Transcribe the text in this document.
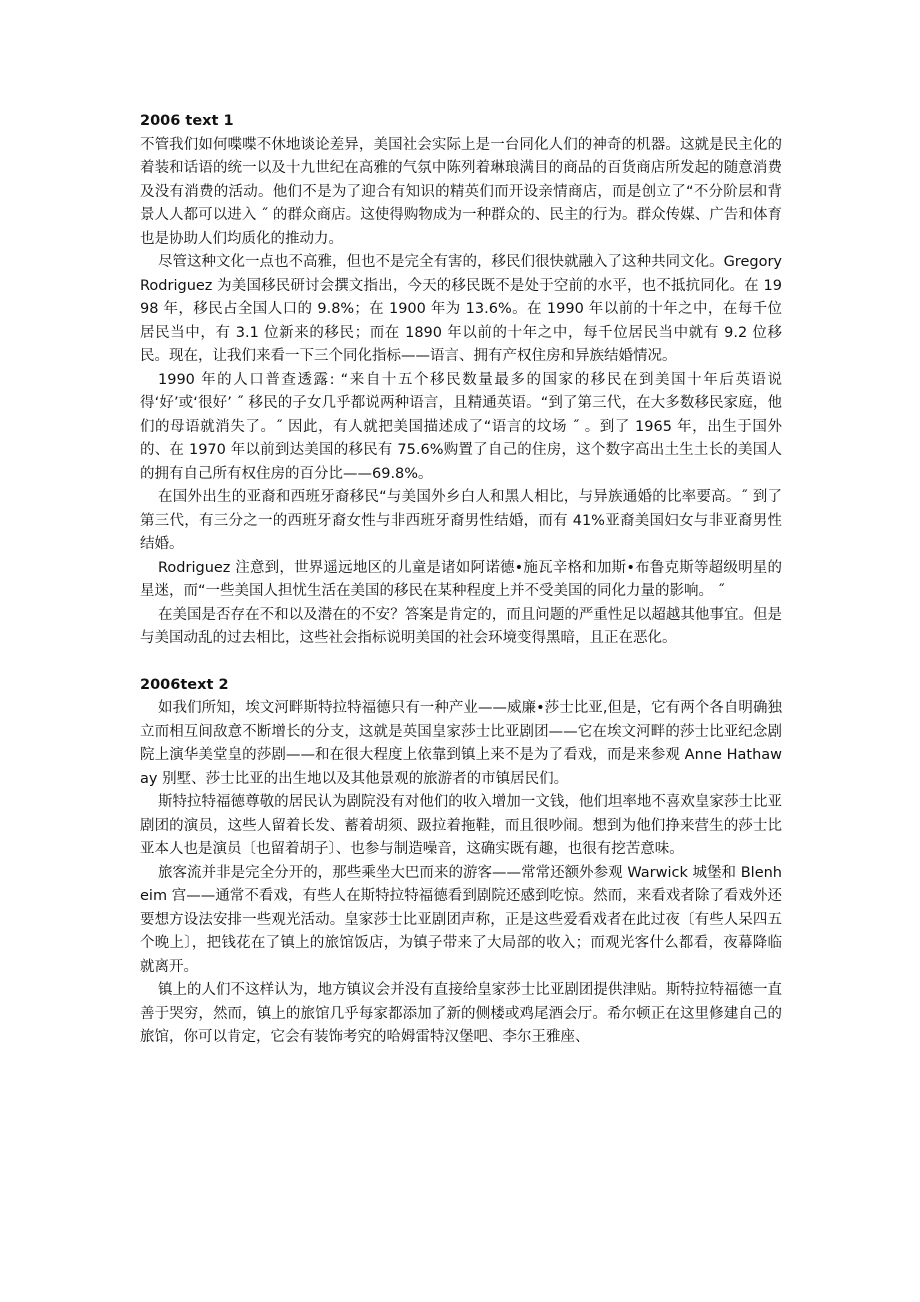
2006 text 1

不管我们如何喋喋不休地谈论差异，美国社会实际上是一台同化人们的神奇的机器。这就是民主化的着装和话语的统一以及十九世纪在高雅的气氛中陈列着琳琅满目的商品的百货商店所发起的随意消费及没有消费的活动。他们不是为了迎合有知识的精英们而开设亲情商店，而是创立了“不分阶层和背景人人都可以进入 ˝ 的群众商店。这使得购物成为一种群众的、民主的行为。群众传媒、广告和体育也是协助人们均质化的推动力。

尽管这种文化一点也不高雅，但也不是完全有害的，移民们很快就融入了这种共同文化。Gregory Rodriguez 为美国移民研讨会撰文指出，今天的移民既不是处于空前的水平，也不抵抗同化。在 1998 年，移民占全国人口的 9.8%；在 1900 年为 13.6%。在 1990 年以前的十年之中，在每千位居民当中，有 3.1 位新来的移民；而在 1890 年以前的十年之中，每千位居民当中就有 9.2 位移民。现在，让我们来看一下三个同化指标——语言、拥有产权住房和异族结婚情况。

1990 年的人口普查透露: “来自十五个移民数量最多的国家的移民在到美国十年后英语说得‘好’或‘很好’ ˝ 移民的子女几乎都说两种语言，且精通英语。“到了第三代，在大多数移民家庭，他们的母语就消失了。˝ 因此，有人就把美国描述成了“语言的坟场 ˝ 。到了 1965 年，出生于国外的、在 1970 年以前到达美国的移民有 75.6%购置了自己的住房，这个数字高出土生土长的美国人的拥有自己所有权住房的百分比——69.8%。

在国外出生的亚裔和西班牙裔移民“与美国外乡白人和黑人相比，与异族通婚的比率要高。˝ 到了第三代，有三分之一的西班牙裔女性与非西班牙裔男性结婚，而有 41%亚裔美国妇女与非亚裔男性结婚。

Rodriguez 注意到，世界遥远地区的儿童是诸如阿诺德•施瓦辛格和加斯•布鲁克斯等超级明星的星迷，而“一些美国人担忧生活在美国的移民在某种程度上并不受美国的同化力量的影响。 ˝

在美国是否存在不和以及潜在的不安？答案是肯定的，而且问题的严重性足以超越其他事宜。但是与美国动乱的过去相比，这些社会指标说明美国的社会环境变得黑暗，且正在恶化。

2006text 2

如我们所知，埃文河畔斯特拉特福德只有一种产业——威廉•莎士比亚,但是，它有两个各自明确独立而相互间敌意不断增长的分支，这就是英国皇家莎士比亚剧团——它在埃文河畔的莎士比亚纪念剧院上演华美堂皇的莎剧——和在很大程度上依靠到镇上来不是为了看戏，而是来参观 Anne Hathaway 别墅、莎士比亚的出生地以及其他景观的旅游者的市镇居民们。

斯特拉特福德尊敬的居民认为剧院没有对他们的收入增加一文钱，他们坦率地不喜欢皇家莎士比亚剧团的演员，这些人留着长发、蓄着胡须、趿拉着拖鞋，而且很吵闹。想到为他们挣来营生的莎士比亚本人也是演员〔也留着胡子〕、也参与制造噪音，这确实既有趣，也很有挖苦意味。

旅客流并非是完全分开的，那些乘坐大巴而来的游客——常常还额外参观 Warwick 城堡和 Blenheim 宫——通常不看戏，有些人在斯特拉特福德看到剧院还感到吃惊。然而，来看戏者除了看戏外还要想方设法安排一些观光活动。皇家莎士比亚剧团声称，正是这些爱看戏者在此过夜〔有些人呆四五个晚上〕，把钱花在了镇上的旅馆饭店，为镇子带来了大局部的收入；而观光客什么都看，夜幕降临就离开。

镇上的人们不这样认为，地方镇议会并没有直接给皇家莎士比亚剧团提供津贴。斯特拉特福德一直善于哭穷，然而，镇上的旅馆几乎每家都添加了新的侧楼或鸡尾酒会厅。希尔顿正在这里修建自己的旅馆，你可以肯定，它会有装饰考究的哈姆雷特汉堡吧、李尔王雅座、
